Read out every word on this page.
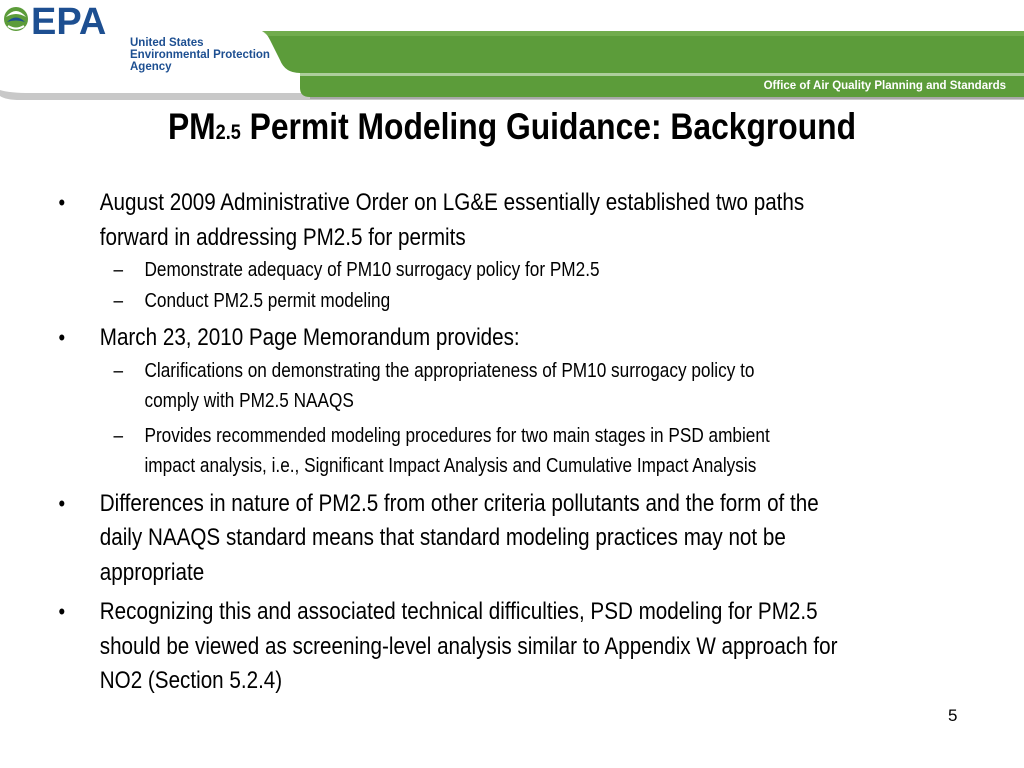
EPA United States
Environmental Protection
Agency
Office of Air Quality Planning and Standards
PM2.5 Permit Modeling Guidance: Background
• August 2009 Administrative Order on LG&E essentially established two paths
forward in addressing PM2.5 for permits
– Demonstrate adequacy of PM10 surrogacy policy for PM2.5
– Conduct PM2.5 permit modeling
• March 23, 2010 Page Memorandum provides:
– Clarifications on demonstrating the appropriateness of PM10 surrogacy policy to
comply with PM2.5 NAAQS
– Provides recommended modeling procedures for two main stages in PSD ambient
impact analysis, i.e., Significant Impact Analysis and Cumulative Impact Analysis
• Differences in nature of PM2.5 from other criteria pollutants and the form of the
daily NAAQS standard means that standard modeling practices may not be
appropriate
• Recognizing this and associated technical difficulties, PSD modeling for PM2.5
should be viewed as screening-level analysis similar to Appendix W approach for
NO2 (Section 5.2.4)
5
